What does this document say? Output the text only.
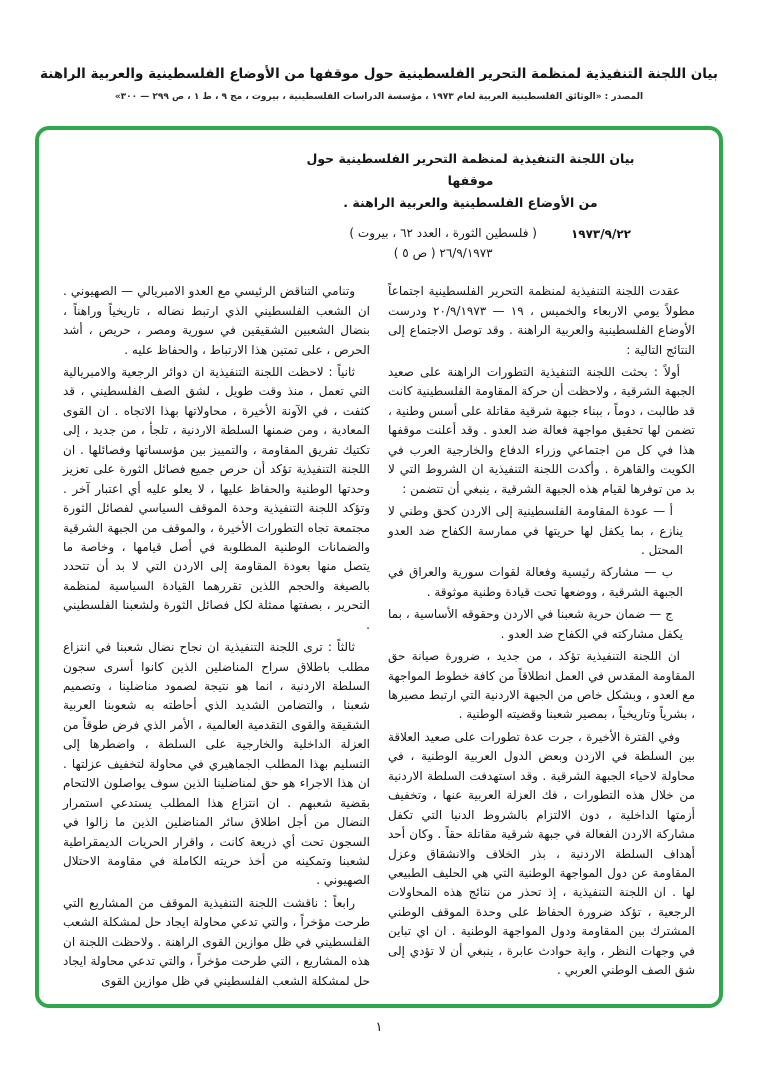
بيان اللجنة التنفيذية لمنظمة التحرير الفلسطينية حول موقفها من الأوضاع الفلسطينية والعربية الراهنة
المصدر : «الوثائق الفلسطينية العربية لعام ١٩٧٣ ، مؤسسة الدراسات الفلسطينية ، بيروت ، مج ٩ ، ط ١ ، ص ٢٩٩ — ٣٠٠»
بيان اللجنة التنفيذية لمنظمة التحرير الفلسطينية حول موقفها
من الأوضاع الفلسطينية والعربية الراهنة .
١٩٧٣/٩/٢٢
( فلسطين الثورة ، العدد ٦٢ ، بيروت )
٢٦/٩/١٩٧٣ ( ص ٥ )

عقدت اللجنة التنفيذية لمنظمة التحرير الفلسطينية اجتماعاً مطولاً يومي الاربعاء والخميس ، ١٩ — ٢٠/٩/١٩٧٣ ودرست الأوضاع الفلسطينية والعربية الراهنة . وقد توصل الاجتماع إلى النتائج التالية :

أولاً : بحثت اللجنة التنفيذية التطورات الراهنة على صعيد الجبهة الشرقية ، ولاحظت أن حركة المقاومة الفلسطينية كانت قد طالبت ، دوماً ، ببناء جبهة شرقية مقاتلة على أسس وطنية ، تضمن لها تحقيق مواجهة فعالة ضد العدو . وقد أعلنت موقفها هذا في كل من اجتماعي وزراء الدفاع والخارجية العرب في الكويت والقاهرة . وأكدت اللجنة التنفيذية ان الشروط التي لا بد من توفرها لقيام هذه الجبهة الشرقية ، ينبغي أن تتضمن :

أ — عودة المقاومة الفلسطينية إلى الاردن كحق وطني لا ينازع ، بما يكفل لها حريتها في ممارسة الكفاح ضد العدو المحتل .

ب — مشاركة رئيسية وفعالة لقوات سورية والعراق في الجبهة الشرقية ، ووضعها تحت قيادة وطنية موثوقة .

ج — ضمان حرية شعبنا في الاردن وحقوقه الأساسية ، بما يكفل مشاركته في الكفاح ضد العدو .

ان اللجنة التنفيذية تؤكد ، من جديد ، ضرورة صيانة حق المقاومة المقدس في العمل انطلاقاً من كافة خطوط المواجهة مع العدو ، وبشكل خاص من الجبهة الاردنية التي ارتبط مصيرها ، بشرياً وتاريخياً ، بمصير شعبنا وقضيته الوطنية .

وفي الفترة الأخيرة ، جرت عدة تطورات على صعيد العلاقة بين السلطة في الاردن وبعض الدول العربية الوطنية ، في محاولة لاحياء الجبهة الشرقية . وقد استهدفت السلطة الاردنية من خلال هذه التطورات ، فك العزلة العربية عنها ، وتخفيف أزمتها الداخلية ، دون الالتزام بالشروط الدنيا التي تكفل مشاركة الاردن الفعالة في جبهة شرقية مقاتلة حقاً . وكان أحد أهداف السلطة الاردنية ، بذر الخلاف والانشقاق وعزل المقاومة عن دول المواجهة الوطنية التي هي الحليف الطبيعي لها . ان اللجنة التنفيذية ، إذ تحذر من نتائج هذه المحاولات الرجعية ، تؤكد ضرورة الحفاظ على وحدة الموقف الوطني المشترك بين المقاومة ودول المواجهة الوطنية . ان اي تباين في وجهات النظر ، واية حوادث عابرة ، ينبغي أن لا تؤدي إلى شق الصف الوطني العربي .

وتنامي التناقض الرئيسي مع العدو الامبريالي — الصهيوني . ان الشعب الفلسطيني الذي ارتبط نضاله ، تاريخياً وراهناً ، بنضال الشعبين الشقيقين في سورية ومصر ، حريص ، أشد الحرص ، على تمتين هذا الارتباط ، والحفاظ عليه .

ثانياً : لاحظت اللجنة التنفيذية ان دوائر الرجعية والامبريالية التي تعمل ، منذ وقت طويل ، لشق الصف الفلسطيني ، قد كثفت ، في الآونة الأخيرة ، محاولاتها بهذا الاتجاه . ان القوى المعادية ، ومن ضمنها السلطة الاردنية ، تلجأ ، من جديد ، إلى تكتيك تفريق المقاومة ، والتمييز بين مؤسساتها وفصائلها . ان اللجنة التنفيذية تؤكد أن حرص جميع فصائل الثورة على تعزيز وحدتها الوطنية والحفاظ عليها ، لا يعلو عليه أي اعتبار آخر . وتؤكد اللجنة التنفيذية وحدة الموقف السياسي لفصائل الثورة مجتمعة تجاه التطورات الأخيرة ، والموقف من الجبهة الشرقية والضمانات الوطنية المطلوبة في أصل قيامها ، وخاصة ما يتصل منها بعودة المقاومة إلى الاردن التي لا بد أن تتحدد بالصيغة والحجم اللذين تقررهما القيادة السياسية لمنظمة التحرير ، بصفتها ممثلة لكل فصائل الثورة ولشعبنا الفلسطيني .

ثالثاً : ترى اللجنة التنفيذية ان نجاح نضال شعبنا في انتزاع مطلب باطلاق سراح المناضلين الذين كانوا أسرى سجون السلطة الاردنية ، انما هو نتيجة لصمود مناضلينا ، وتصميم شعبنا ، والتضامن الشديد الذي أحاطته به شعوبنا العربية الشقيقة والقوى التقدمية العالمية ، الأمر الذي فرض طوقاً من العزلة الداخلية والخارجية على السلطة ، واضطرها إلى التسليم بهذا المطلب الجماهيري في محاولة لتخفيف عزلتها . ان هذا الاجراء هو حق لمناضلينا الذين سوف يواصلون الالتحام بقضية شعبهم . ان انتزاع هذا المطلب يستدعي استمرار النضال من أجل اطلاق سائر المناضلين الذين ما زالوا في السجون تحت أي ذريعة كانت ، واقرار الحريات الديمقراطية لشعبنا وتمكينه من أخذ حريته الكاملة في مقاومة الاحتلال الصهيوني .

رابعاً : ناقشت اللجنة التنفيذية الموقف من المشاريع التي طرحت مؤخراً ، والتي تدعي محاولة ايجاد حل لمشكلة الشعب الفلسطيني في ظل موازين القوى الراهنة . ولاحظت اللجنة ان هذه المشاريع ، التي طرحت مؤخراً ، والتي تدعي محاولة ايجاد حل لمشكلة الشعب الفلسطيني في ظل موازين القوى

١
